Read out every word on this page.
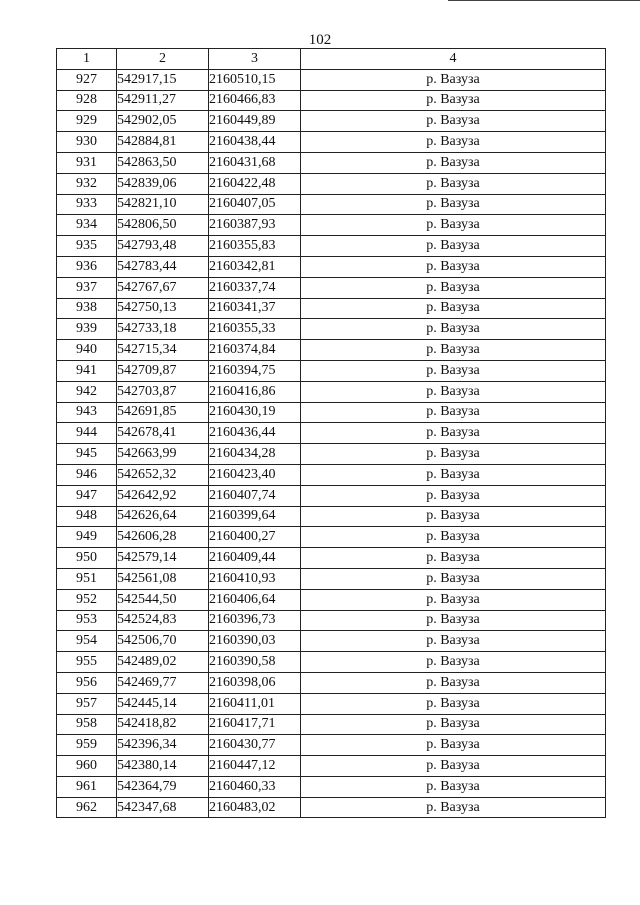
102
1	2	3	4
927	542917,15	2160510,15	р. Вазуза
928	542911,27	2160466,83	р. Вазуза
929	542902,05	2160449,89	р. Вазуза
930	542884,81	2160438,44	р. Вазуза
931	542863,50	2160431,68	р. Вазуза
932	542839,06	2160422,48	р. Вазуза
933	542821,10	2160407,05	р. Вазуза
934	542806,50	2160387,93	р. Вазуза
935	542793,48	2160355,83	р. Вазуза
936	542783,44	2160342,81	р. Вазуза
937	542767,67	2160337,74	р. Вазуза
938	542750,13	2160341,37	р. Вазуза
939	542733,18	2160355,33	р. Вазуза
940	542715,34	2160374,84	р. Вазуза
941	542709,87	2160394,75	р. Вазуза
942	542703,87	2160416,86	р. Вазуза
943	542691,85	2160430,19	р. Вазуза
944	542678,41	2160436,44	р. Вазуза
945	542663,99	2160434,28	р. Вазуза
946	542652,32	2160423,40	р. Вазуза
947	542642,92	2160407,74	р. Вазуза
948	542626,64	2160399,64	р. Вазуза
949	542606,28	2160400,27	р. Вазуза
950	542579,14	2160409,44	р. Вазуза
951	542561,08	2160410,93	р. Вазуза
952	542544,50	2160406,64	р. Вазуза
953	542524,83	2160396,73	р. Вазуза
954	542506,70	2160390,03	р. Вазуза
955	542489,02	2160390,58	р. Вазуза
956	542469,77	2160398,06	р. Вазуза
957	542445,14	2160411,01	р. Вазуза
958	542418,82	2160417,71	р. Вазуза
959	542396,34	2160430,77	р. Вазуза
960	542380,14	2160447,12	р. Вазуза
961	542364,79	2160460,33	р. Вазуза
962	542347,68	2160483,02	р. Вазуза
